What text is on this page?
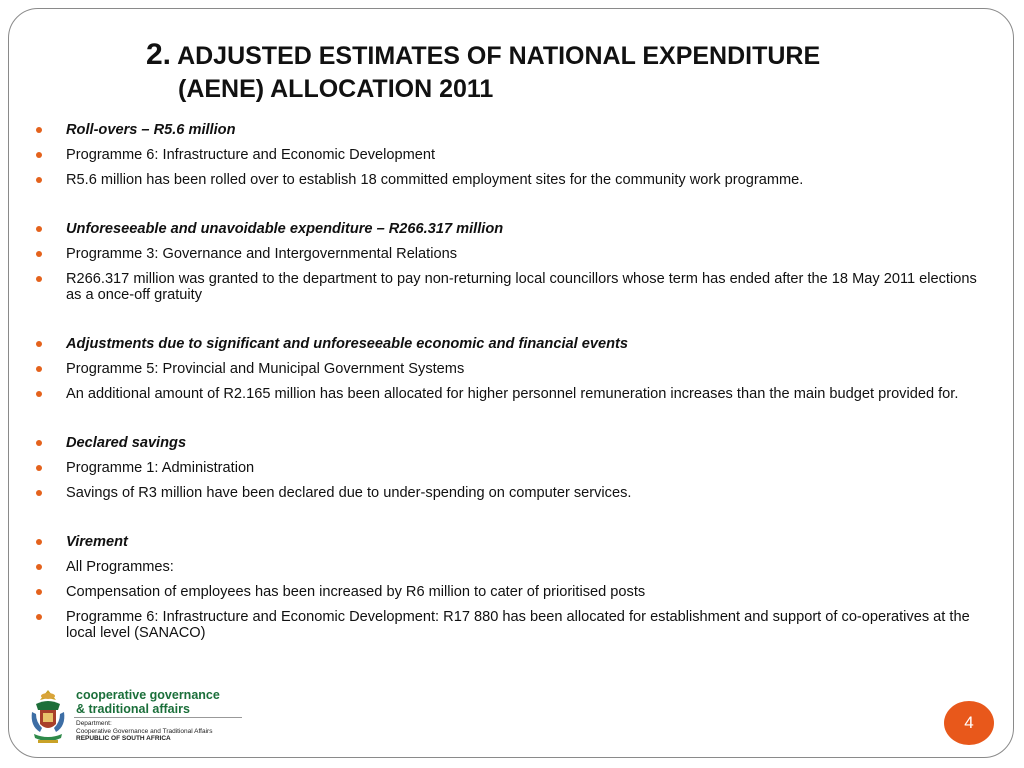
2. ADJUSTED ESTIMATES OF NATIONAL EXPENDITURE
(AENE) ALLOCATION 2011
Roll-overs – R5.6 million
Programme 6: Infrastructure and Economic Development
R5.6 million has been rolled over to establish 18 committed employment sites for the community work programme.
Unforeseeable and unavoidable expenditure – R266.317 million
Programme 3: Governance and Intergovernmental Relations
R266.317 million was granted to the department to pay non-returning local councillors whose term has ended after the 18 May 2011 elections as a once-off gratuity
Adjustments due to significant and unforeseeable economic and financial events
Programme 5: Provincial and Municipal Government Systems
An additional amount of R2.165 million has been allocated for higher personnel remuneration increases than the main budget provided for.
Declared savings
Programme 1: Administration
Savings of R3 million have been declared due to under-spending on computer services.
Virement
All Programmes:
Compensation of employees has been increased by R6 million to cater of prioritised posts
Programme 6: Infrastructure and Economic Development: R17 880 has been allocated for establishment and support of co-operatives at the local level (SANACO)
cooperative governance
& traditional affairs
Department:
Cooperative Governance and Traditional Affairs
REPUBLIC OF SOUTH AFRICA
4
